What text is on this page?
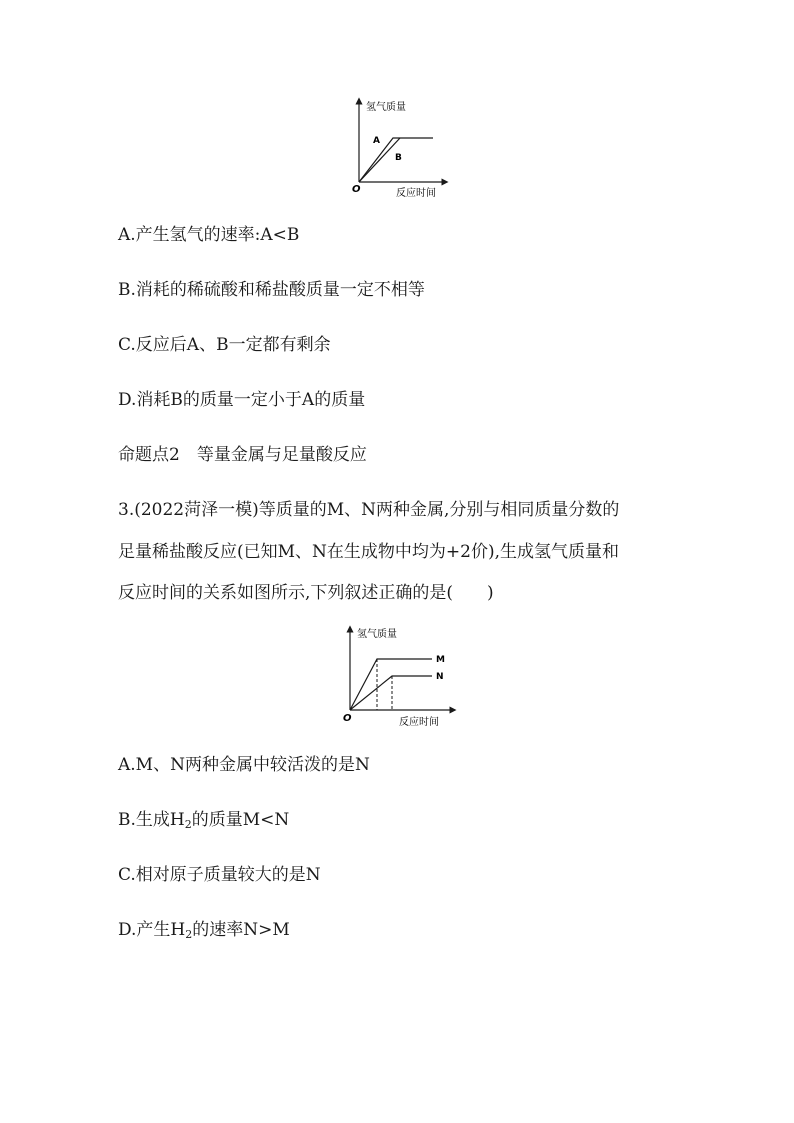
氢气质量
反应时间
O
A
B
A.产生氢气的速率:A<B
B.消耗的稀硫酸和稀盐酸质量一定不相等
C.反应后A、B一定都有剩余
D.消耗B的质量一定小于A的质量
命题点2　等量金属与足量酸反应
3.(2022菏泽一模)等质量的M、N两种金属,分别与相同质量分数的
足量稀盐酸反应(已知M、N在生成物中均为+2价),生成氢气质量和
反应时间的关系如图所示,下列叙述正确的是(　　)
氢气质量
反应时间
O
M
N
A.M、N两种金属中较活泼的是N
B.生成$H_2$的质量M<N
C.相对原子质量较大的是N
D.产生$H_2$的速率N>M
